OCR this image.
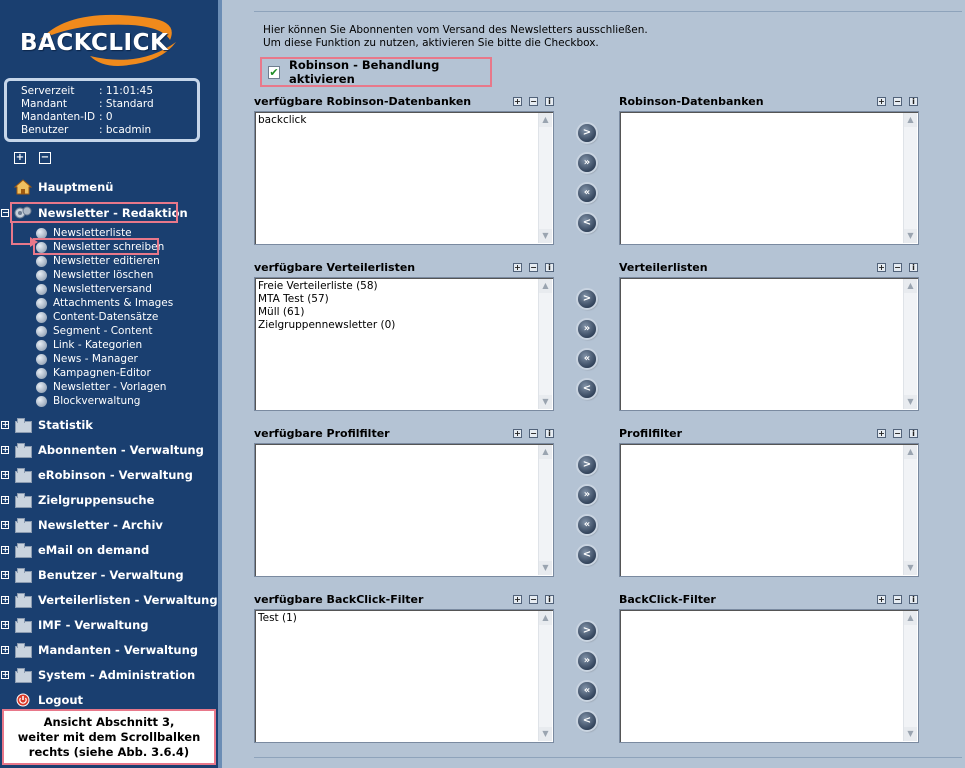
BACKCLICK
Serverzeit	: 11:01:45
Mandant	: Standard
Mandanten-ID : 0
Benutzer	: bcadmin
+ −
Hauptmenü
−	Newsletter - Redaktion
Newsletterliste
Newsletter schreiben
Newsletter editieren
Newsletter löschen
Newsletterversand
Attachments & Images
Content-Datensätze
Segment - Content
Link - Kategorien
News - Manager
Kampagnen-Editor
Newsletter - Vorlagen
Blockverwaltung
+	Statistik
+	Abonnenten - Verwaltung
+	eRobinson - Verwaltung
+	Zielgruppensuche
+	Newsletter - Archiv
+	eMail on demand
+	Benutzer - Verwaltung
+	Verteilerlisten - Verwaltung
+	IMF - Verwaltung
+	Mandanten - Verwaltung
+	System - Administration
Logout
Ansicht Abschnitt 3,
weiter mit dem Scrollbalken
rechts (siehe Abb. 3.6.4)
Hier können Sie Abonnenten vom Versand des Newsletters ausschließen.
Um diese Funktion zu nutzen, aktivieren Sie bitte die Checkbox.
✔ Robinson - Behandlung aktivieren
verfügbare Robinson-Datenbanken	+ −	i
backclick	▲
▼
>
»
«
<
Robinson-Datenbanken	+ −	i
▲
▼
verfügbare Verteilerlisten	+ −	i
Freie Verteilerliste (58)
MTA Test (57)
Müll (61)
Zielgruppennewsletter (0)
▲
▼
>
»
«
<
Verteilerlisten	+ −	i
▲
▼
verfügbare Profilfilter	+ −	i
▲
▼
>
»
«
<
Profilfilter	+ −	i
▲
▼
verfügbare BackClick-Filter	+ −	i
Test (1)	▲
▼
>
»
«
<
BackClick-Filter	+ −	i
▲
▼
